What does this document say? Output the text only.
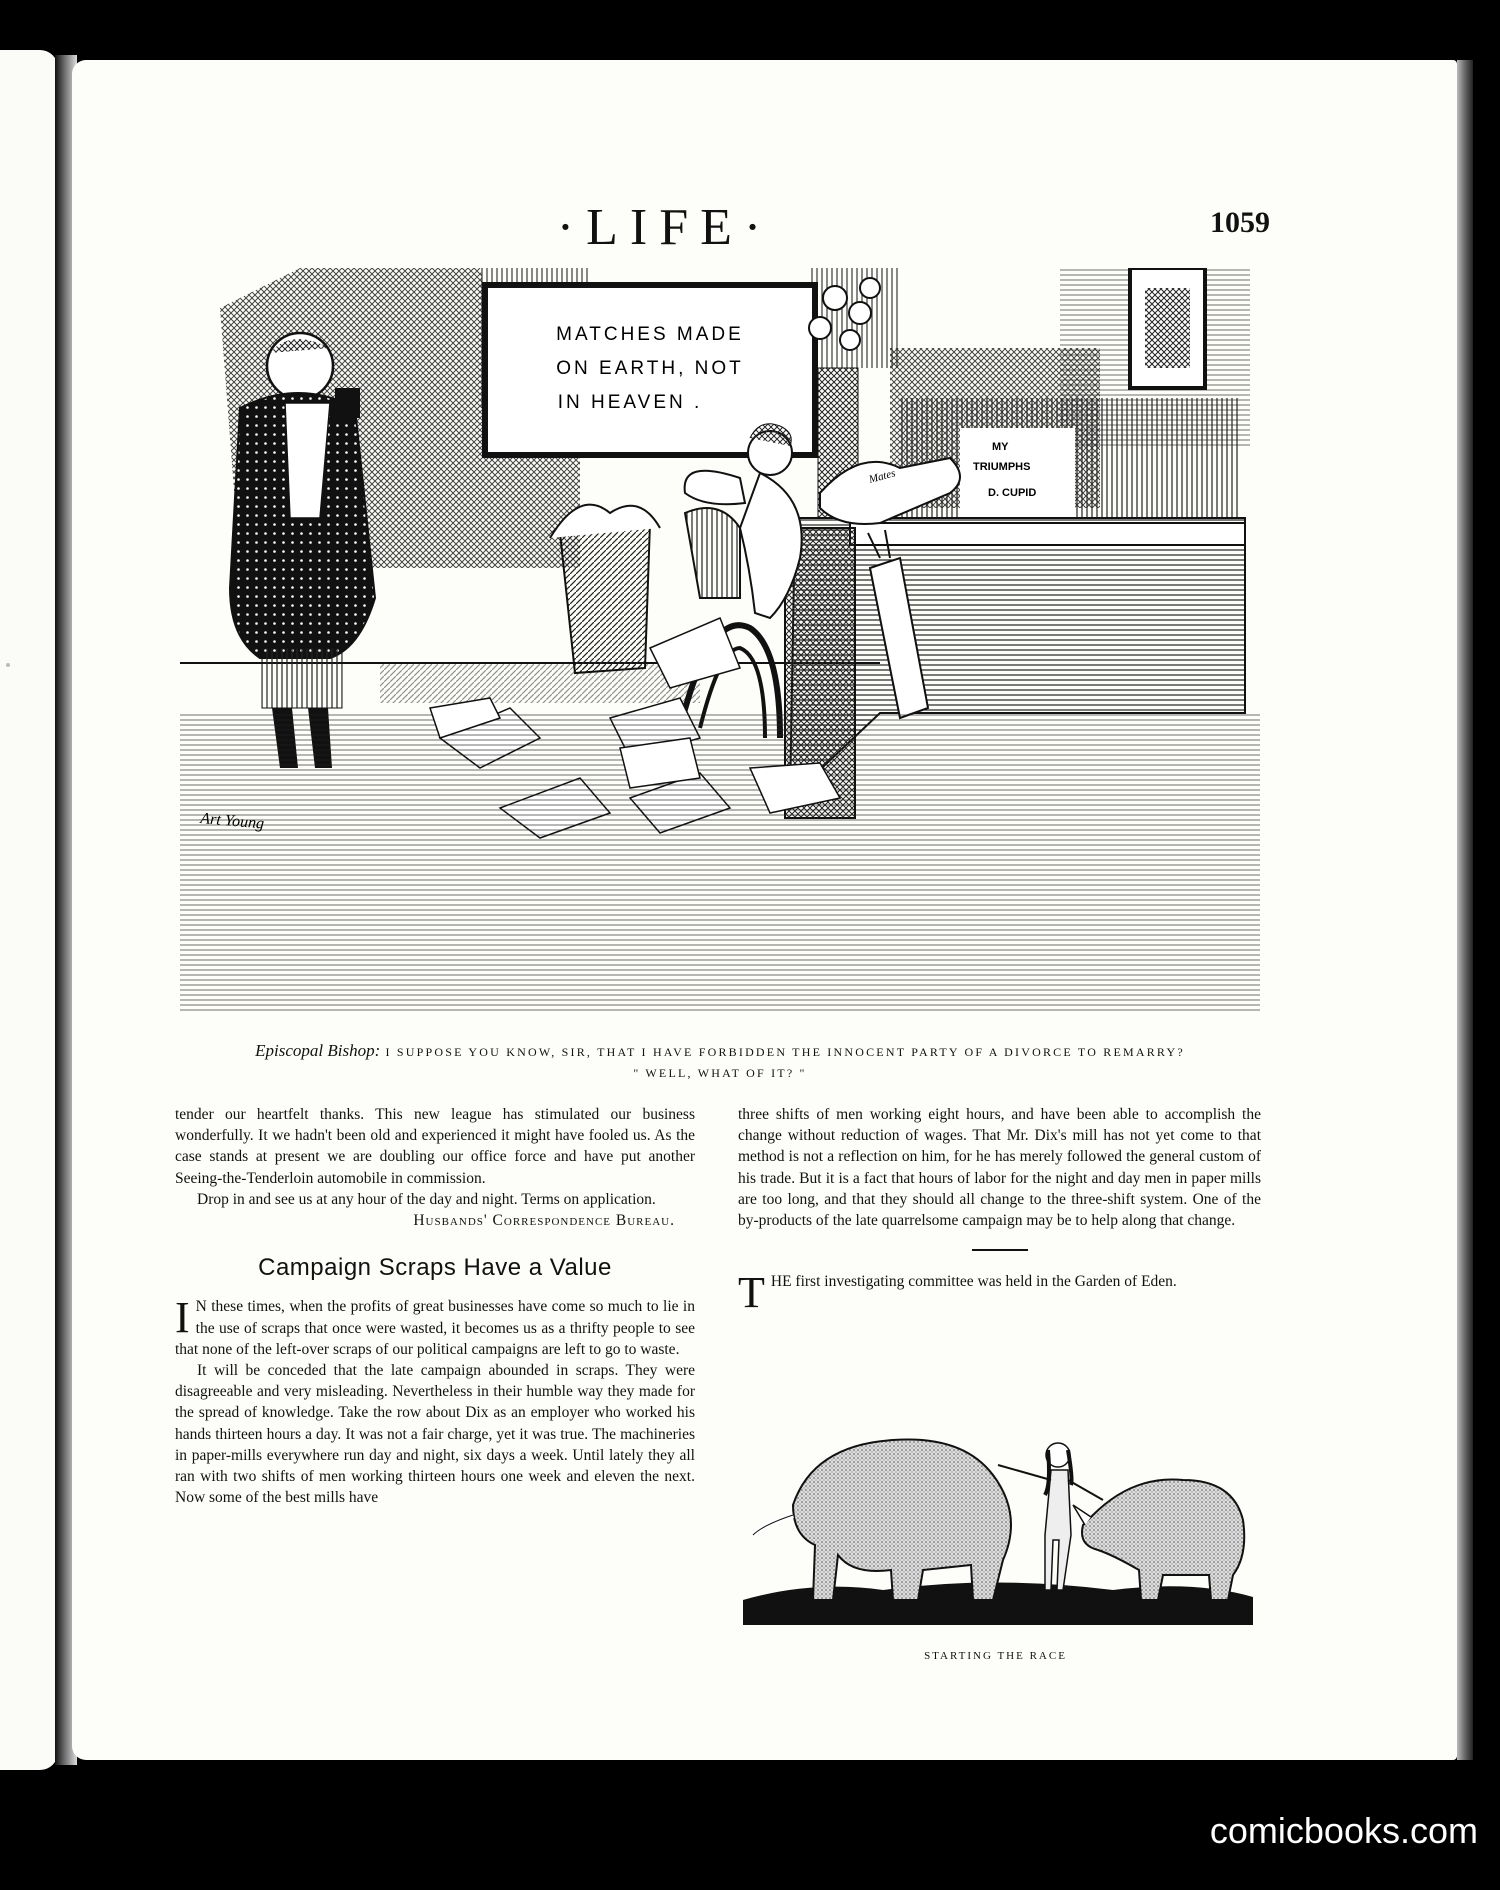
·LIFE·	1059
MATCHES MADE
ON EARTH, NOT
IN HEAVEN .
MY
TRIUMPHS
D. CUPID
Mates
Art Young
Episcopal Bishop: I SUPPOSE YOU KNOW, SIR, THAT I HAVE FORBIDDEN THE INNOCENT PARTY OF A DIVORCE TO REMARRY?
" WELL, WHAT OF IT? "

tender our heartfelt thanks. This new league has stimulated our business wonderfully. It we hadn't been old and experienced it might have fooled us. As the case stands at present we are doubling our office force and have put another Seeing-the-Tenderloin automobile in commission.

Drop in and see us at any hour of the day and night. Terms on application.

Husbands' Correspondence Bureau.

Campaign Scraps Have a Value

I N these times, when the profits of great businesses have come so much to lie in the use of scraps that once were wasted, it becomes us as a thrifty people to see that none of the left-over scraps of our political campaigns are left to go to waste.

It will be conceded that the late campaign abounded in scraps. They were disagreeable and very misleading. Nevertheless in their humble way they made for the spread of knowledge. Take the row about Dix as an employer who worked his hands thirteen hours a day. It was not a fair charge, yet it was true. The machineries in paper-mills everywhere run day and night, six days a week. Until lately they all ran with two shifts of men working thirteen hours one week and eleven the next. Now some of the best mills have

three shifts of men working eight hours, and have been able to accomplish the change without reduction of wages. That Mr. Dix's mill has not yet come to that method is not a reflection on him, for he has merely followed the general custom of his trade. But it is a fact that hours of labor for the night and day men in paper mills are too long, and that they should all change to the three-shift system. One of the by-products of the late quarrelsome campaign may be to help along that change.

THE first investigating committee was held in the Garden of Eden.

STARTING THE RACE
comicbooks.com
